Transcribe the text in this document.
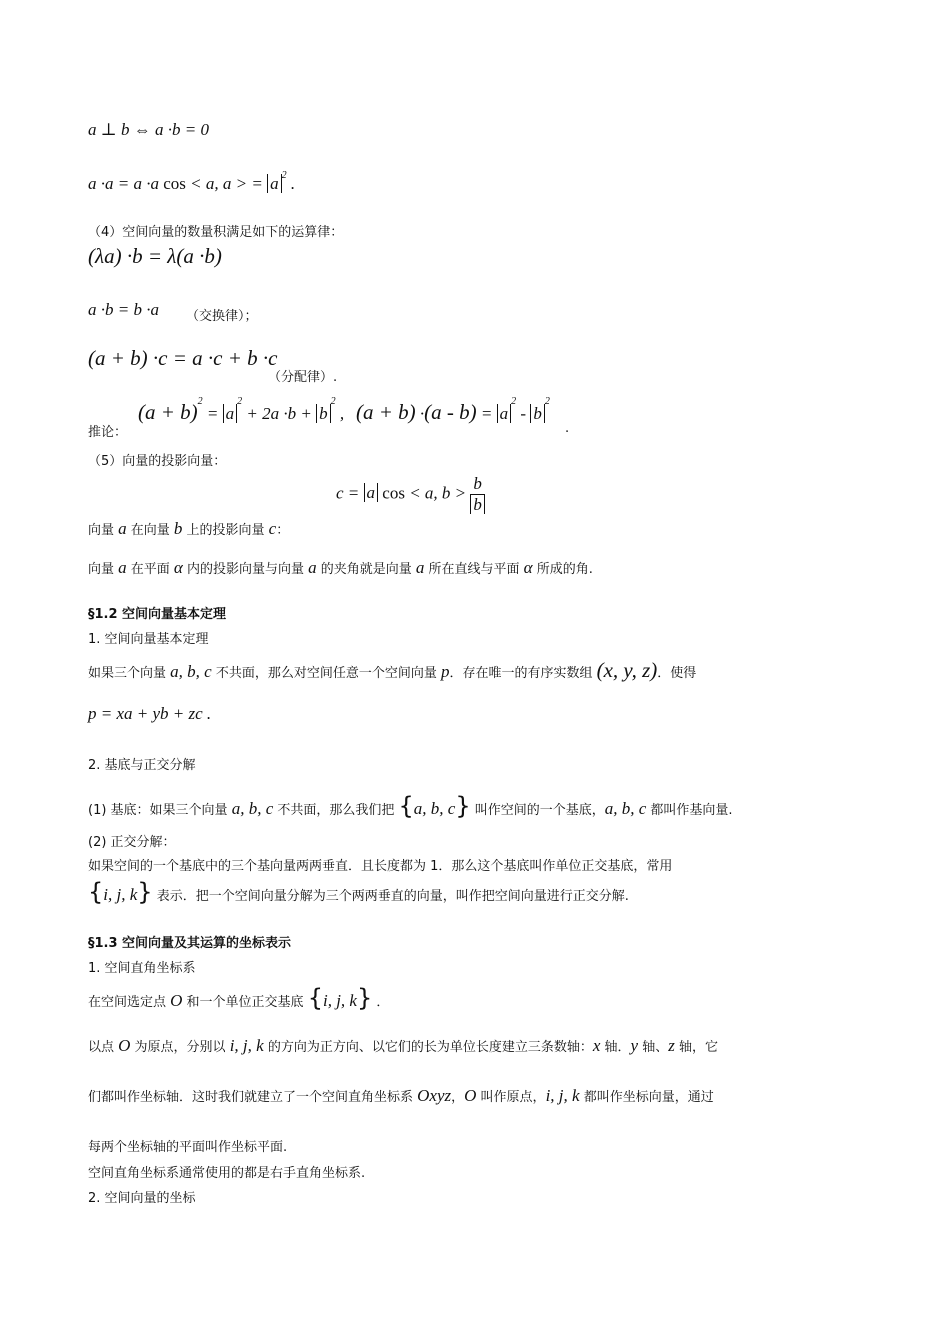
a ⊥ b ⇔ a ·b = 0
a ·a = a ·a cos < a, a > = a $^2$ .
（4）空间向量的数量积满足如下的运算律：
(λa) ·b = λ(a ·b)
a ·b = b ·a （交换律）；
(a + b) ·c = a ·c + b ·c
（分配律）.
推论：
$(a + b)^2 = a^2 + 2a \cdot b + b^2$ , $(a + b) \cdot(a - b) = a^2 - b^2$
.
（5）向量的投影向量：
c = a cos < a, $b > \frac{b}{b}$
向量 a 在向量 b 上的投影向量 c：
向量 a 在平面 α 内的投影向量与向量 a 的夹角就是向量 a 所在直线与平面 α 所成的角.
§1.2 空间向量基本定理
1. 空间向量基本定理
如果三个向量 a, b, c 不共面，那么对空间任意一个空间向量 p．存在唯一的有序实数组 (x, y, z)．使得
p = xa + yb + zc .
2. 基底与正交分解
(1) 基底：如果三个向量 a, b, c 不共面，那么我们把 {a, b, c} 叫作空间的一个基底，a, b, c 都叫作基向量.
(2) 正交分解：
如果空间的一个基底中的三个基向量两两垂直．且长度都为 1．那么这个基底叫作单位正交基底，常用
{i, j, k} 表示．把一个空间向量分解为三个两两垂直的向量，叫作把空间向量进行正交分解.
§1.3 空间向量及其运算的坐标表示
1. 空间直角坐标系
在空间选定点 O 和一个单位正交基底 {i, j, k} ．
以点 O 为原点，分别以 i, j, k 的方向为正方向、以它们的长为单位长度建立三条数轴：x 轴．y 轴、z 轴，它
们都叫作坐标轴．这时我们就建立了一个空间直角坐标系 Oxyz，O 叫作原点，i, j, k 都叫作坐标向量，通过
每两个坐标轴的平面叫作坐标平面.
空间直角坐标系通常使用的都是右手直角坐标系.
2. 空间向量的坐标
